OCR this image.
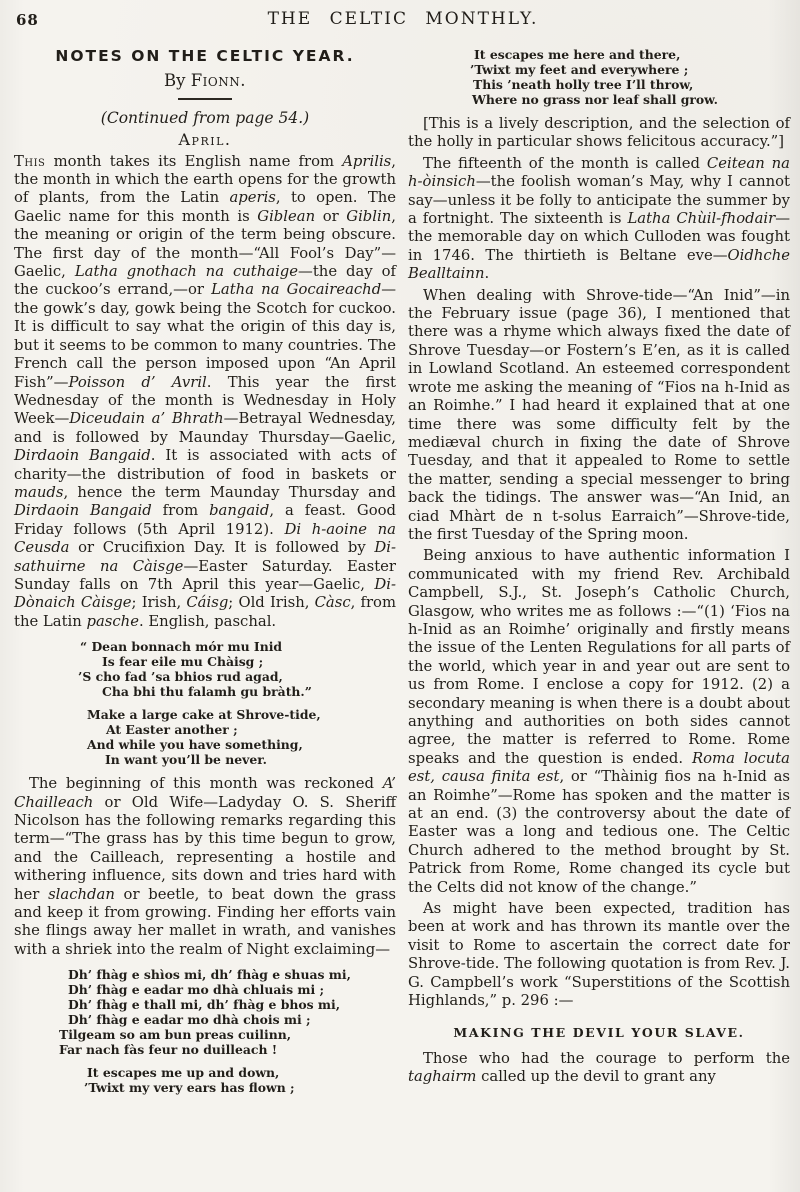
68	THE CELTIC MONTHLY.
NOTES ON THE CELTIC YEAR.
By Fionn.
(Continued from page 54.)
April.

This month takes its English name from Aprilis, the month in which the earth opens for the growth of plants, from the Latin aperis, to open. The Gaelic name for this month is Giblean or Giblin, the meaning or origin of the term being obscure. The first day of the month—“All Fool’s Day”—Gaelic, Latha gnothach na cuthaige—the day of the cuckoo’s errand,—or Latha na Gocaireachd—the gowk’s day, gowk being the Scotch for cuckoo. It is difficult to say what the origin of this day is, but it seems to be common to many countries. The French call the person imposed upon “An April Fish”—Poisson d’ Avril. This year the first Wednesday of the month is Wednesday in Holy Week—Diceudain a’ Bhrath—Betrayal Wednesday, and is followed by Maunday Thursday—Gaelic, Dirdaoin Bangaid. It is associated with acts of charity—the distribution of food in baskets or mauds, hence the term Maunday Thursday and Dirdaoin Bangaid from bangaid, a feast. Good Friday follows (5th April 1912). Di h-aoine na Ceusda or Crucifixion Day. It is followed by Di-sathuirne na Càisge—Easter Saturday. Easter Sunday falls on 7th April this year—Gaelic, Di-Dònaich Càisge; Irish, Cáisg; Old Irish, Càsc, from the Latin pasche. English, paschal.

“ Dean bonnach mór mu Inid
Is fear eile mu Chàisg ;
’S cho fad ’sa bhios rud agad,
Cha bhi thu falamh gu bràth.”
Make a large cake at Shrove-tide,
At Easter another ;
And while you have something,
In want you’ll be never.

The beginning of this month was reckoned A’ Chailleach or Old Wife—Ladyday O. S. Sheriff Nicolson has the following remarks regarding this term—“The grass has by this time begun to grow, and the Cailleach, representing a hostile and withering influence, sits down and tries hard with her slachdan or beetle, to beat down the grass and keep it from growing. Finding her efforts vain she flings away her mallet in wrath, and vanishes with a shriek into the realm of Night exclaiming—

Dh’ fhàg e shìos mi, dh’ fhàg e shuas mi,
Dh’ fhàg e eadar mo dhà chluais mi ;
Dh’ fhàg e thall mi, dh’ fhàg e bhos mi,
Dh’ fhàg e eadar mo dhà chois mi ;
Tilgeam so am bun preas cuilinn,
Far nach fàs feur no duilleach !
It escapes me up and down,
’Twixt my very ears has flown ;
It escapes me here and there,
’Twixt my feet and everywhere ;
This ’neath holly tree I’ll throw,
Where no grass nor leaf shall grow.

[This is a lively description, and the selection of the holly in particular shows felicitous accuracy.”]

The fifteenth of the month is called Ceitean na h-òinsich—the foolish woman’s May, why I cannot say—unless it be folly to anticipate the summer by a fortnight. The sixteenth is Latha Chùil-fhodair—the memorable day on which Culloden was fought in 1746. The thirtieth is Beltane eve—Oidhche Bealltainn.

When dealing with Shrove-tide—“An Inid”—in the February issue (page 36), I mentioned that there was a rhyme which always fixed the date of Shrove Tuesday—or Fostern’s E’en, as it is called in Lowland Scotland. An esteemed correspondent wrote me asking the meaning of “Fios na h-Inid as an Roimhe.” I had heard it explained that at one time there was some difficulty felt by the mediæval church in fixing the date of Shrove Tuesday, and that it appealed to Rome to settle the matter, sending a special messenger to bring back the tidings. The answer was—“An Inid, an ciad Mhàrt de n t-solus Earraich”—Shrove-tide, the first Tuesday of the Spring moon.

Being anxious to have authentic information I communicated with my friend Rev. Archibald Campbell, S.J., St. Joseph’s Catholic Church, Glasgow, who writes me as follows :—“(1) ‘Fios na h-Inid as an Roimhe’ originally and firstly means the issue of the Lenten Regulations for all parts of the world, which year in and year out are sent to us from Rome. I enclose a copy for 1912. (2) a secondary meaning is when there is a doubt about anything and authorities on both sides cannot agree, the matter is referred to Rome. Rome speaks and the question is ended. Roma locuta est, causa finita est, or “Thàinig fios na h-Inid as an Roimhe”—Rome has spoken and the matter is at an end. (3) the controversy about the date of Easter was a long and tedious one. The Celtic Church adhered to the method brought by St. Patrick from Rome, Rome changed its cycle but the Celts did not know of the change.”

As might have been expected, tradition has been at work and has thrown its mantle over the visit to Rome to ascertain the correct date for Shrove-tide. The following quotation is from Rev. J. G. Campbell’s work “Superstitions of the Scottish Highlands,” p. 296 :—

MAKING THE DEVIL YOUR SLAVE.

Those who had the courage to perform the taghairm called up the devil to grant any
